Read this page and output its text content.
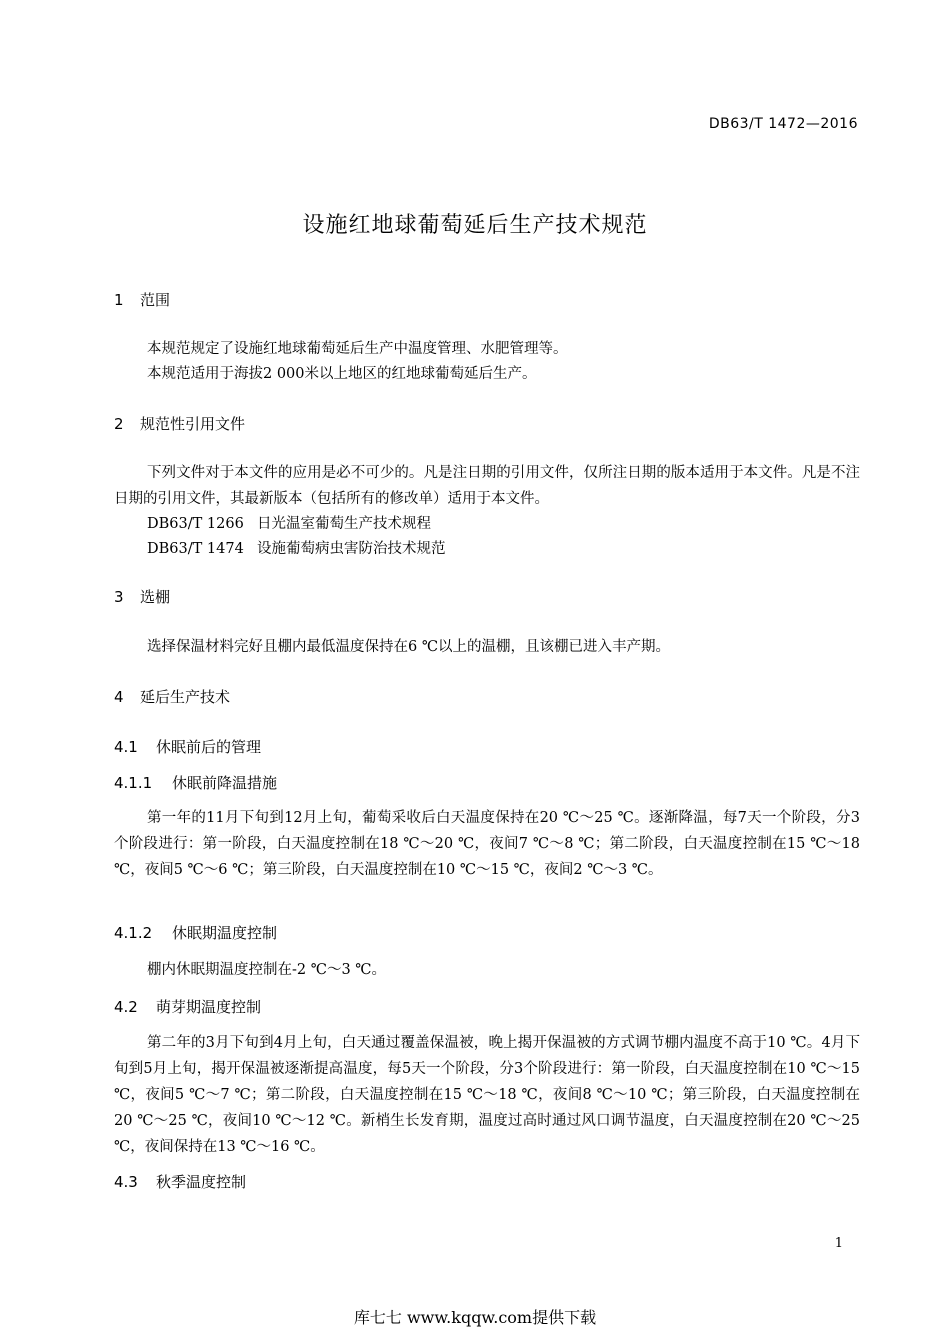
DB63/T 1472—2016
设施红地球葡萄延后生产技术规范
1 范围
本规范规定了设施红地球葡萄延后生产中温度管理、水肥管理等。
本规范适用于海拔2 000米以上地区的红地球葡萄延后生产。
2 规范性引用文件
下列文件对于本文件的应用是必不可少的。凡是注日期的引用文件，仅所注日期的版本适用于本文件。凡是不注日期的引用文件，其最新版本（包括所有的修改单）适用于本文件。
DB63/T 1266 日光温室葡萄生产技术规程
DB63/T 1474 设施葡萄病虫害防治技术规范
3 选棚
选择保温材料完好且棚内最低温度保持在6 ℃以上的温棚，且该棚已进入丰产期。
4 延后生产技术
4.1 休眠前后的管理
4.1.1 休眠前降温措施
第一年的11月下旬到12月上旬，葡萄采收后白天温度保持在20 ℃～25 ℃。逐渐降温，每7天一个阶段，分3个阶段进行：第一阶段，白天温度控制在18 ℃～20 ℃，夜间7 ℃～8 ℃；第二阶段，白天温度控制在15 ℃～18 ℃，夜间5 ℃～6 ℃；第三阶段，白天温度控制在10 ℃～15 ℃，夜间2 ℃～3 ℃。
4.1.2 休眠期温度控制
棚内休眠期温度控制在-2 ℃～3 ℃。
4.2 萌芽期温度控制
第二年的3月下旬到4月上旬，白天通过覆盖保温被，晚上揭开保温被的方式调节棚内温度不高于10 ℃。4月下旬到5月上旬，揭开保温被逐渐提高温度，每5天一个阶段，分3个阶段进行：第一阶段，白天温度控制在10 ℃～15 ℃，夜间5 ℃～7 ℃；第二阶段，白天温度控制在15 ℃～18 ℃，夜间8 ℃～10 ℃；第三阶段，白天温度控制在20 ℃～25 ℃，夜间10 ℃～12 ℃。新梢生长发育期，温度过高时通过风口调节温度，白天温度控制在20 ℃～25 ℃，夜间保持在13 ℃～16 ℃。
4.3 秋季温度控制
1
库七七 www.kqqw.com提供下载
